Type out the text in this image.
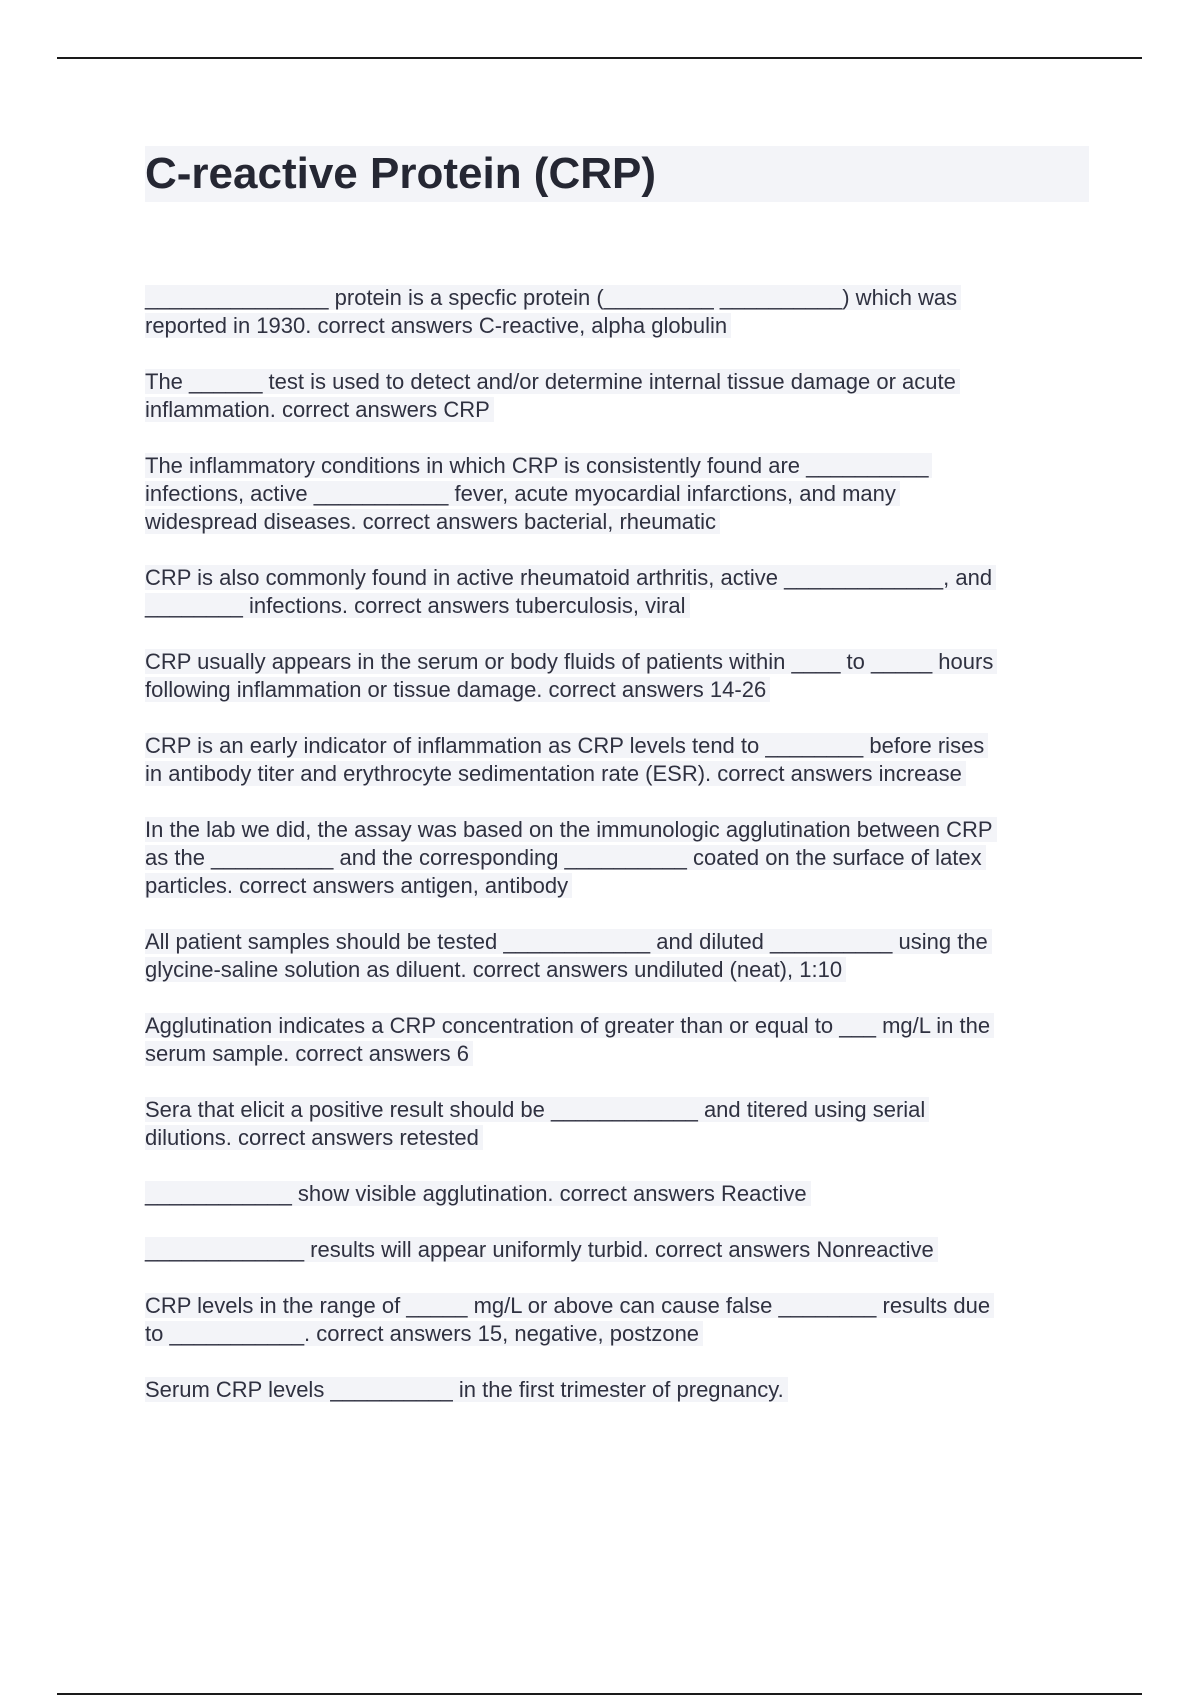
C-reactive Protein (CRP)

_______________ protein is a specfic protein (_________ __________) which was
reported in 1930. correct answers C-reactive, alpha globulin

The ______ test is used to detect and/or determine internal tissue damage or acute
inflammation. correct answers CRP

The inflammatory conditions in which CRP is consistently found are __________
infections, active ___________ fever, acute myocardial infarctions, and many
widespread diseases. correct answers bacterial, rheumatic

CRP is also commonly found in active rheumatoid arthritis, active _____________, and
________ infections. correct answers tuberculosis, viral

CRP usually appears in the serum or body fluids of patients within ____ to _____ hours
following inflammation or tissue damage. correct answers 14-26

CRP is an early indicator of inflammation as CRP levels tend to ________ before rises
in antibody titer and erythrocyte sedimentation rate (ESR). correct answers increase

In the lab we did, the assay was based on the immunologic agglutination between CRP
as the __________ and the corresponding __________ coated on the surface of latex
particles. correct answers antigen, antibody

All patient samples should be tested ____________ and diluted __________ using the
glycine-saline solution as diluent. correct answers undiluted (neat), 1:10

Agglutination indicates a CRP concentration of greater than or equal to ___ mg/L in the
serum sample. correct answers 6

Sera that elicit a positive result should be ____________ and titered using serial
dilutions. correct answers retested

____________ show visible agglutination. correct answers Reactive

_____________ results will appear uniformly turbid. correct answers Nonreactive

CRP levels in the range of _____ mg/L or above can cause false ________ results due
to ___________. correct answers 15, negative, postzone

Serum CRP levels __________ in the first trimester of pregnancy.
